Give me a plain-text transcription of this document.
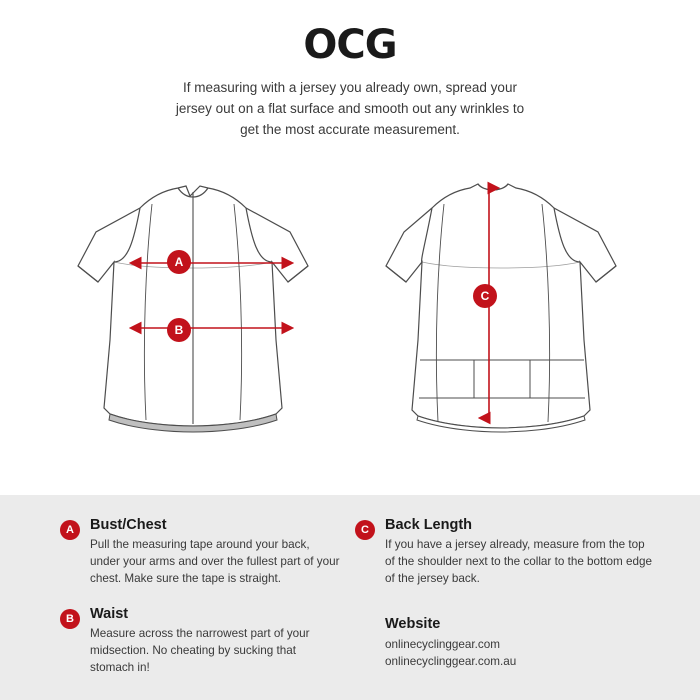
OCG
If measuring with a jersey you already own, spread your jersey out on a flat surface and smooth out any wrinkles to get the most accurate measurement.
A
B
C
A	Bust/Chest
Pull the measuring tape around your back, under your arms and over the fullest part of your chest. Make sure the tape is straight.
B	Waist
Measure across the narrowest part of your midsection. No cheating by sucking that stomach in!
C	Back Length
If you have a jersey already, measure from the top of the shoulder next to the collar to the bottom edge of the jersey back.
Website
onlinecyclinggear.com
onlinecyclinggear.com.au
